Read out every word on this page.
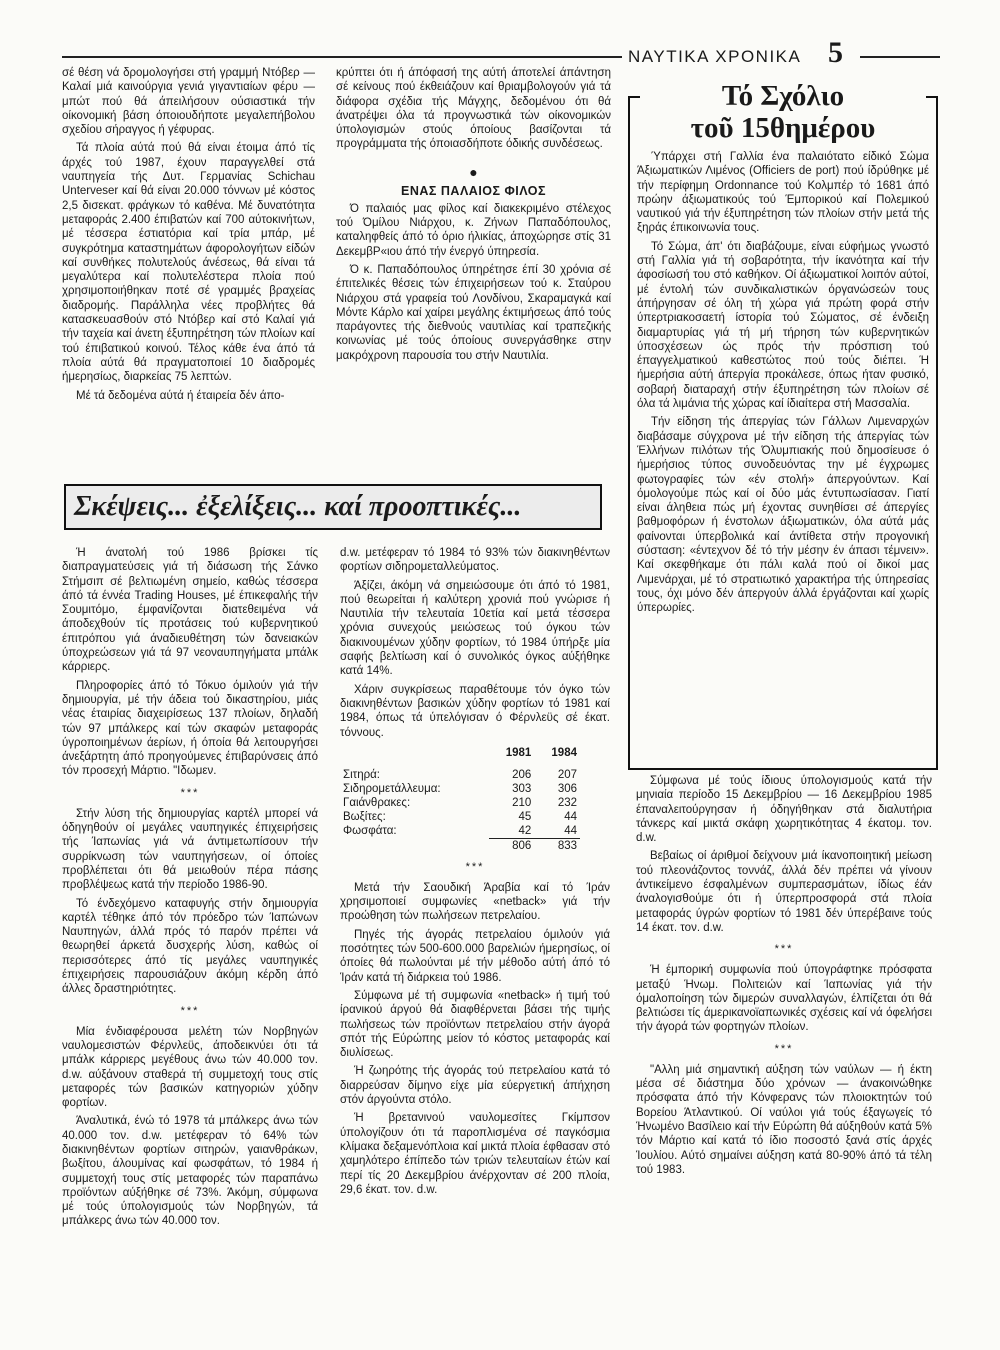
ΝΑΥΤΙΚΑ ΧΡΟΝΙΚΑ 5

σέ θέση νά δρομολογήσει στή γραμμή Ντόβερ — Καλαί μιά καινούργια γενιά γιγαντιαίων φέρυ — μπώτ πού θά άπειλήσουν ούσιαστικά τήν οίκονομική βάση όποιουδήποτε μεγαλεπήβολου σχεδίου σήραγγος ή γέφυρας.

Τά πλοία αύτά πού θά είναι έτοιμα άπό τίς άρχές τού 1987, έχουν παραγγελθεί στά ναυπηγεία τής Δυτ. Γερμανίας Schichau Unterveser καί θά είναι 20.000 τόννων μέ κόστος 2,5 δισεκατ. φράγκων τό καθένα. Μέ δυνατότητα μεταφοράς 2.400 έπιβατών καί 700 αύτοκινήτων, μέ τέσσερα έστιατόρια καί τρία μπάρ, μέ συγκρότημα καταστημάτων άφορολογήτων είδών καί συνθήκες πολυτελούς άνέσεως, θά είναι τά μεγαλύτερα καί πολυτελέστερα πλοία πού χρησιμοποιήθηκαν ποτέ σέ γραμμές βραχείας διαδρομής. Παράλληλα νέες προβλήτες θά κατασκευασθούν στό Ντόβερ καί στό Καλαί γιά τήν ταχεία καί άνετη έξυπηρέτηση τών πλοίων καί τού έπιβατικού κοινού. Τέλος κάθε ένα άπό τά πλοία αύτά θά πραγματοποιεί 10 διαδρομές ήμερησίως, διαρκείας 75 λεπτών.

Μέ τά δεδομένα αύτά ή έταιρεία δέν άπο-

κρύπτει ότι ή άπόφασή της αύτή άποτελεί άπάντηση σέ κείνους πού έκθειάζουν καί θριαμβολογούν γιά τά διάφορα σχέδια τής Μάγχης, δεδομένου ότι θά άνατρέψει όλα τά προγνωστικά τών οίκονομικών ύπολογισμών στούς όποίους βασίζονται τά προγράμματα τής όποιασδήποτε όδικής συνδέσεως.

●
ΕΝΑΣ ΠΑΛΑΙΟΣ ΦΙΛΟΣ

Ό παλαιός μας φίλος καί διακεκριμένο στέλεχος τού Όμίλου Νιάρχου, κ. Ζήνων Παπαδόπουλος, καταληφθείς άπό τό όριο ήλικίας, άποχώρησε στίς 31 ΔεκεμβΡ«ιου άπό τήν ένεργό ύπηρεσία.

Ό κ. Παπαδόπουλος ύπηρέτησε έπί 30 χρόνια σέ έπιτελικές θέσεις τών έπιχειρήσεων τού κ. Σταύρου Νιάρχου στά γραφεία τού Λονδίνου, Σκαραμαγκά καί Μόντε Κάρλο καί χαίρει μεγάλης έκτιμήσεως άπό τούς παράγοντες τής διεθνούς ναυτιλίας καί τραπεζικής κοινωνίας μέ τούς όποίους συνεργάσθηκε στην μακρόχρονη παρουσία του στήν Ναυτιλία.

Τό Σχόλιο
τοῦ 15θημέρου

Ύπάρχει στή Γαλλία ένα παλαιότατο είδικό Σώμα Άξιωματικών Λιμένος (Officiers de port) πού ίδρύθηκε μέ τήν περίφημη Ordonnance τού Κολμπέρ τό 1681 άπό πρώην άξιωματικούς τού Έμπορικού καί Πολεμικού ναυτικού γιά τήν έξυπηρέτηση τών πλοίων στήν μετά τής ξηράς έπικοινωνία τους.

Τό Σώμα, άπ' ότι διαβάζουμε, είναι εύφήμως γνωστό στή Γαλλία γιά τή σοβαρότητα, τήν ίκανότητα καί τήν άφοσίωσή του στό καθήκον. Οί άξιωματικοί λοιπόν αύτοί, μέ έντολή τών συνδικαλιστικών όργανώσεών τους άπήργησαν σέ όλη τή χώρα γιά πρώτη φορά στήν ύπερτριακοσαετή ίστορία τού Σώματος, σέ ένδειξη διαμαρτυρίας γιά τή μή τήρηση τών κυβερνητικών ύποσχέσεων ώς πρός τήν πρόσπιση τού έπαγγελματικού καθεστώτος πού τούς διέπει. Ή ήμερήσια αύτή άπεργία προκάλεσε, όπως ήταν φυσικό, σοβαρή διαταραχή στήν έξυπηρέτηση τών πλοίων σέ όλα τά λιμάνια τής χώρας καί ίδιαίτερα στή Μασσαλία.

Τήν είδηση τής άπεργίας τών Γάλλων Λιμεναρχών διαβάσαμε σύγχρονα μέ τήν είδηση τής άπεργίας τών Έλλήνων πιλότων τής Όλυμπιακής πού δημοσίευσε ό ήμερήσιος τύπος συνοδευόντας την μέ έγχρωμες φωτογραφίες τών «έν στολή» άπεργούντων. Καί όμολογούμε πώς καί οί δύο μάς έντυπωσίασαν. Γιατί είναι άληθεια πώς μή έχοντας συνηθίσει σέ άπεργίες βαθμοφόρων ή ένστολων άξιωματικών, όλα αύτά μάς φαίνονται ύπερβολικά καί άντίθετα στήν προγονική σύσταση: «έντεχνον δέ τό τήν μέσην έν άπασι τέμνειν». Καί σκεφθήκαμε ότι πάλι καλά πού οί δικοί μας Λιμενάρχαι, μέ τό στρατιωτικό χαρακτήρα τής ύπηρεσίας τους, όχι μόνο δέν άπεργούν άλλά έργάζονται καί χωρίς ύπερωρίες.

Σκέψεις... ἐξελίξεις... καί προοπτικές...

Ή άνατολή τού 1986 βρίσκει τίς διαπραγματεύσεις γιά τή διάσωση τής Σάνκο Στήμσιπ σέ βελτιωμένη σημείο, καθώς τέσσερα άπό τά έννέα Trading Houses, μέ έπικεφαλής τήν Σουμιτόμο, έμφανίζονται διατεθειμένα νά άποδεχθούν τίς προτάσεις τού κυβερνητικού έπιτρόπου γιά άναδιευθέτηση τών δανειακών ύποχρεώσεων γιά τά 97 νεοναυπηγήματα μπάλκ κάρριερς.

Πληροφορίες άπό τό Τόκυο όμιλούν γιά τήν δημιουργία, μέ τήν άδεια τού δικαστηρίου, μιάς νέας έταιρίας διαχειρίσεως 137 πλοίων, δηλαδή τών 97 μπάλκερς καί τών σκαφών μεταφοράς ύγροποιημένων άερίων, ή όποία θά λειτουργήσει άνεξάρτητη άπό προηγούμενες έπιβαρύνσεις άπό τόν προσεχή Μάρτιο. "Ιδωμεν.

***

Στήν λύση τής δημιουργίας καρτέλ μπορεί νά όδηγηθούν οί μεγάλες ναυπηγικές έπιχειρήσεις τής Ίαπωνίας γιά νά άντιμετωπίσουν τήν συρρίκνωση τών ναυπηγήσεων, οί όποίες προβλέπεται ότι θά μειωθούν πέρα πάσης προβλέψεως κατά τήν περίοδο 1986-90.

Τό ένδεχόμενο καταφυγής στήν δημιουργία καρτέλ τέθηκε άπό τόν πρόεδρο τών Ίαπώνων Ναυπηγών, άλλά πρός τό παρόν πρέπει νά θεωρηθεί άρκετά δυσχερής λύση, καθώς οί περισσότερες άπό τίς μεγάλες ναυπηγικές έπιχειρήσεις παρουσιάζουν άκόμη κέρδη άπό άλλες δραστηριότητες.

***

Μία ένδιαφέρουσα μελέτη τών Νορβηγών ναυλομεσιστών Φέρνλεϋς, άποδεικνύει ότι τά μπάλκ κάρριερς μεγέθους άνω τών 40.000 τον. d.w. αύξάνουν σταθερά τή συμμετοχή τους στίς μεταφορές τών βασικών κατηγοριών χύδην φορτίων.

Άναλυτικά, ένώ τό 1978 τά μπάλκερς άνω τών 40.000 τον. d.w. μετέφεραν τό 64% τών διακινηθέντων φορτίων σιτηρών, γαιανθράκων, βωξίτου, άλουμίνας καί φωσφάτων, τό 1984 ή συμμετοχή τους στίς μεταφορές τών παραπάνω προϊόντων αύξήθηκε σέ 73%. Άκόμη, σύμφωνα μέ τούς ύπολογισμούς τών Νορβηγών, τά μπάλκερς άνω τών 40.000 τον.

d.w. μετέφεραν τό 1984 τό 93% τών διακινηθέντων φορτίων σιδηρομεταλλεύματος.

Άξίζει, άκόμη νά σημειώσουμε ότι άπό τό 1981, πού θεωρείται ή καλύτερη χρονιά πού γνώρισε ή Ναυτιλία τήν τελευταία 10ετία καί μετά τέσσερα χρόνια συνεχούς μειώσεως τού όγκου τών διακινουμένων χύδην φορτίων, τό 1984 ύπήρξε μία σαφής βελτίωση καί ό συνολικός όγκος αύξήθηκε κατά 14%.

Χάριν συγκρίσεως παραθέτουμε τόν όγκο τών διακινηθέντων βασικών χύδην φορτίων τό 1981 καί 1984, όπως τά ύπελόγισαν ό Φέρνλεϋς σέ έκατ. τόννους.

	1981	1984

Σιτηρά:	206	207
Σιδηρομετάλλευμα:	303	306
Γαιάνθρακες:	210	232
Βωξίτες:	45	44
Φωσφάτα:	42	44
	806	833
***

Μετά τήν Σαουδική Άραβία καί τό Ίράν χρησιμοποιεί συμφωνίες «netback» γιά τήν προώθηση τών πωλήσεων πετρελαίου.

Πηγές τής άγοράς πετρελαίου όμιλούν γιά ποσότητες τών 500-600.000 βαρελιών ήμερησίως, οί όποίες θά πωλούνται μέ τήν μέθοδο αύτή άπό τό Ίράν κατά τή διάρκεια τού 1986.

Σύμφωνα μέ τή συμφωνία «netback» ή τιμή τού ίρανικού άργού θά διαφθέρνεται βάσει τής τιμής πωλήσεως τών προϊόντων πετρελαίου στήν άγορά σπότ τής Εύρώπης μείον τό κόστος μεταφοράς καί διυλίσεως.

Ή ζωηρότης τής άγοράς τού πετρελαίου κατά τό διαρρεύσαν δίμηνο είχε μία εύεργετική άπήχηση στόν άργούντα στόλο.

Ή βρετανινού ναυλομεσίτες Γκίμπσον ύπολογίζουν ότι τά παροπλισμένα σέ παγκόσμια κλίμακα δεξαμενόπλοια καί μικτά πλοία έφθασαν στό χαμηλότερο έπίπεδο τών τριών τελευταίων έτών καί περί τίς 20 Δεκεμβρίου άνέρχονταν σέ 200 πλοία, 29,6 έκατ. τον. d.w.

Σύμφωνα μέ τούς ίδιους ύπολογισμούς κατά τήν μηνιαία περίοδο 15 Δεκεμβρίου — 16 Δεκεμβρίου 1985 έπαναλειτούργησαν ή όδηγήθηκαν στά διαλυτήρια τάνκερς καί μικτά σκάφη χωρητικότητας 4 έκατομ. τον. d.w.

Βεβαίως οί άριθμοί δείχνουν μιά ίκανοποιητική μείωση τού πλεονάζοντος τοννάζ, άλλά δέν πρέπει νά γίνουν άντικείμενο έσφαλμένων συμπερασμάτων, ίδίως έάν άναλογισθούμε ότι ή ύπερπροσφορά στά πλοία μεταφοράς ύγρών φορτίων τό 1981 δέν ύπερέβαινε τούς 14 έκατ. τον. d.w.

***

Ή έμπορική συμφωνία πού ύπογράφτηκε πρόσφατα μεταξύ Ήνωμ. Πολιτειών καί Ίαπωνίας γιά τήν όμαλοποίηση τών διμερών συναλλαγών, έλπίζεται ότι θά βελτιώσει τίς άμερικανοϊαπωνικές σχέσεις καί νά όφελήσει τήν άγορά τών φορτηγών πλοίων.

***

"Αλλη μιά σημαντική αύξηση τών ναύλων — ή έκτη μέσα σέ διάστημα δύο χρόνων — άνακοινώθηκε πρόσφατα άπό τήν Κόνφερανς τών πλοιοκτητών τού Βορείου Άτλαντικού. Οί ναύλοι γιά τούς έξαγωγείς τό Ήνωμένο Βασίλειο καί τήν Εύρώπη θά αύξηθούν κατά 5% τόν Μάρτιο καί κατά τό ίδιο ποσοστό ξανά στίς άρχές Ίουλίου. Αύτό σημαίνει αύξηση κατά 80-90% άπό τά τέλη τού 1983.
